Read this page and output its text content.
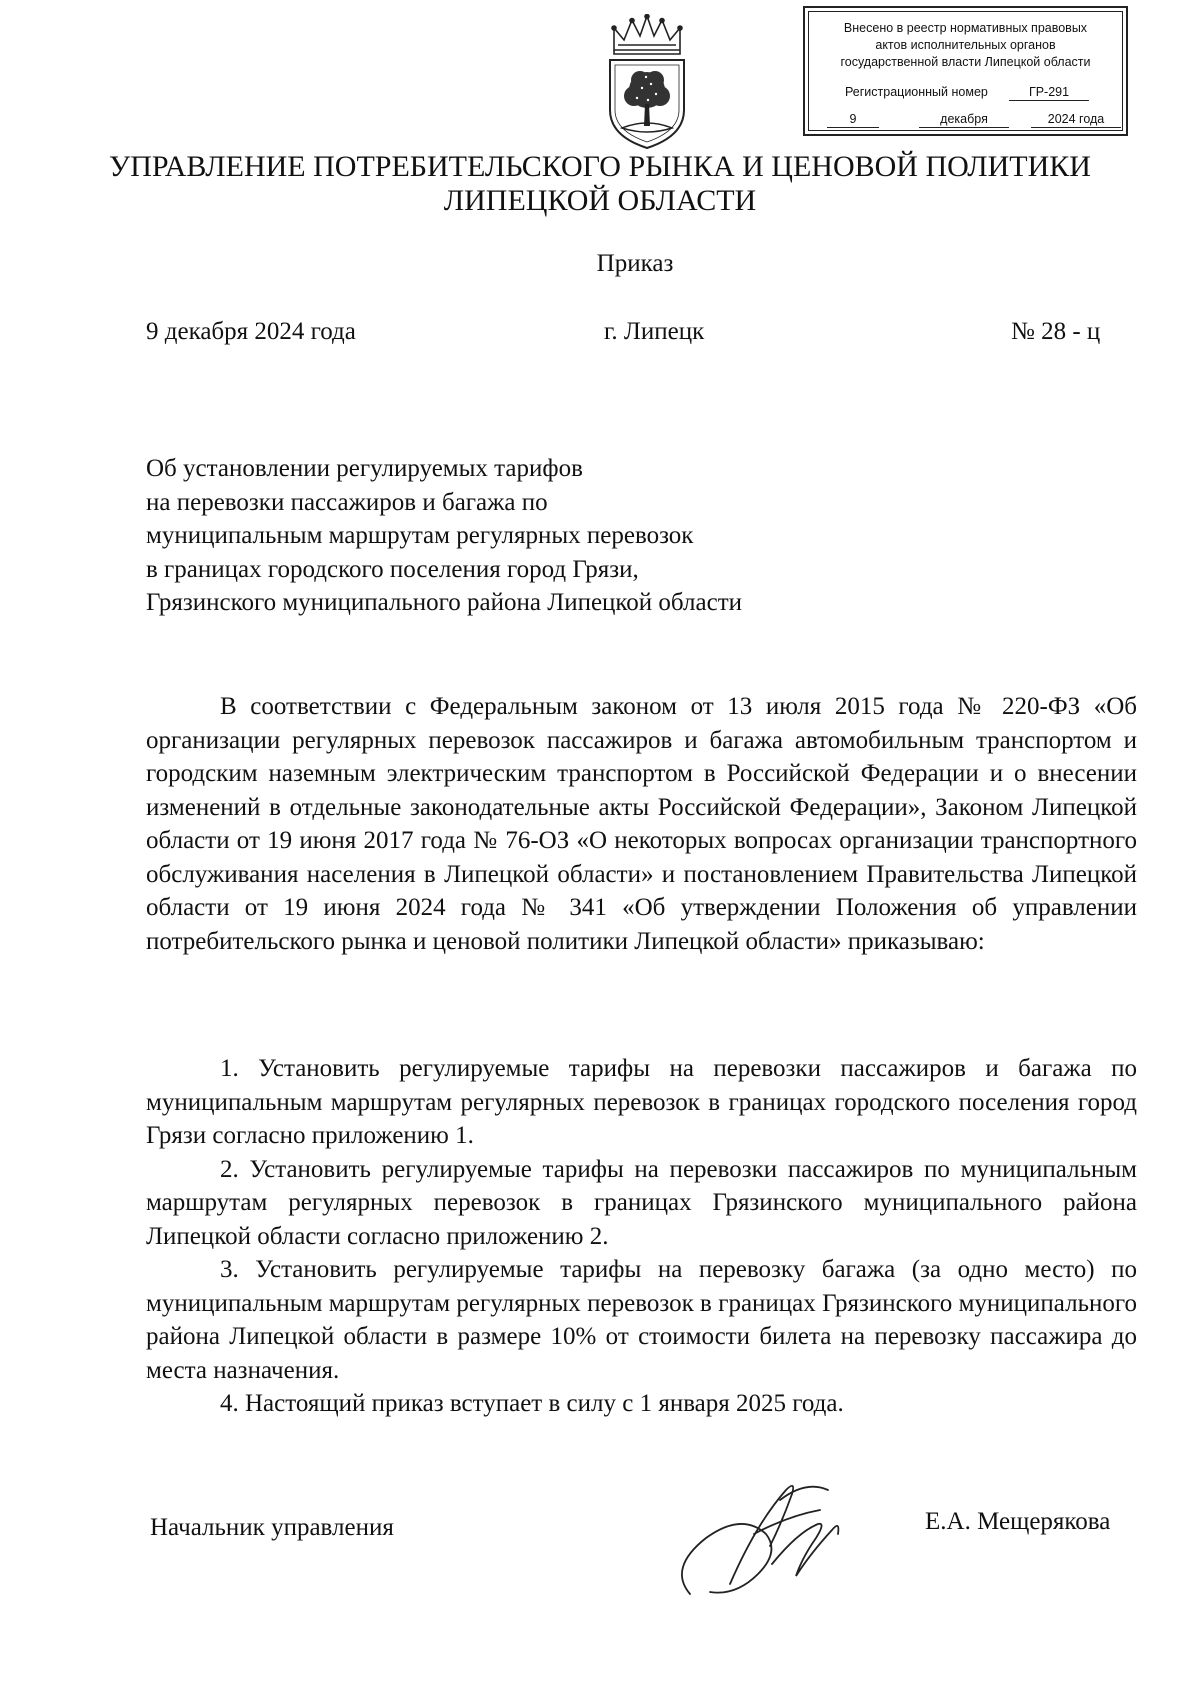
Внесено в реестр нормативных правовых
актов исполнительных органов
государственной власти Липецкой области
Регистрационный номер	ГР-291
9	декабря	2024 года
УПРАВЛЕНИЕ ПОТРЕБИТЕЛЬСКОГО РЫНКА И ЦЕНОВОЙ ПОЛИТИКИ
ЛИПЕЦКОЙ ОБЛАСТИ
Приказ
9 декабря 2024 года	г. Липецк	№ 28 - ц
Об установлении регулируемых тарифов
на перевозки пассажиров и багажа по
муниципальным маршрутам регулярных перевозок
в границах городского поселения город Грязи,
Грязинского муниципального района Липецкой области

В соответствии с Федеральным законом от 13 июля 2015 года № 220-ФЗ «Об организации регулярных перевозок пассажиров и багажа автомобильным транспортом и городским наземным электрическим транспортом в Российской Федерации и о внесении изменений в отдельные законодательные акты Российской Федерации», Законом Липецкой области от 19 июня 2017 года № 76-ОЗ «О некоторых вопросах организации транспортного обслуживания населения в Липецкой области» и постановлением Правительства Липецкой области от 19 июня 2024 года № 341 «Об утверждении Положения об управлении потребительского рынка и ценовой политики Липецкой области» приказываю:

1. Установить регулируемые тарифы на перевозки пассажиров и багажа по муниципальным маршрутам регулярных перевозок в границах городского поселения город Грязи согласно приложению 1.

2. Установить регулируемые тарифы на перевозки пассажиров по муниципальным маршрутам регулярных перевозок в границах Грязинского муниципального района Липецкой области согласно приложению 2.

3. Установить регулируемые тарифы на перевозку багажа (за одно место) по муниципальным маршрутам регулярных перевозок в границах Грязинского муниципального района Липецкой области в размере 10% от стоимости билета на перевозку пассажира до места назначения.

4. Настоящий приказ вступает в силу с 1 января 2025 года.

Начальник управления	Е.А. Мещерякова
